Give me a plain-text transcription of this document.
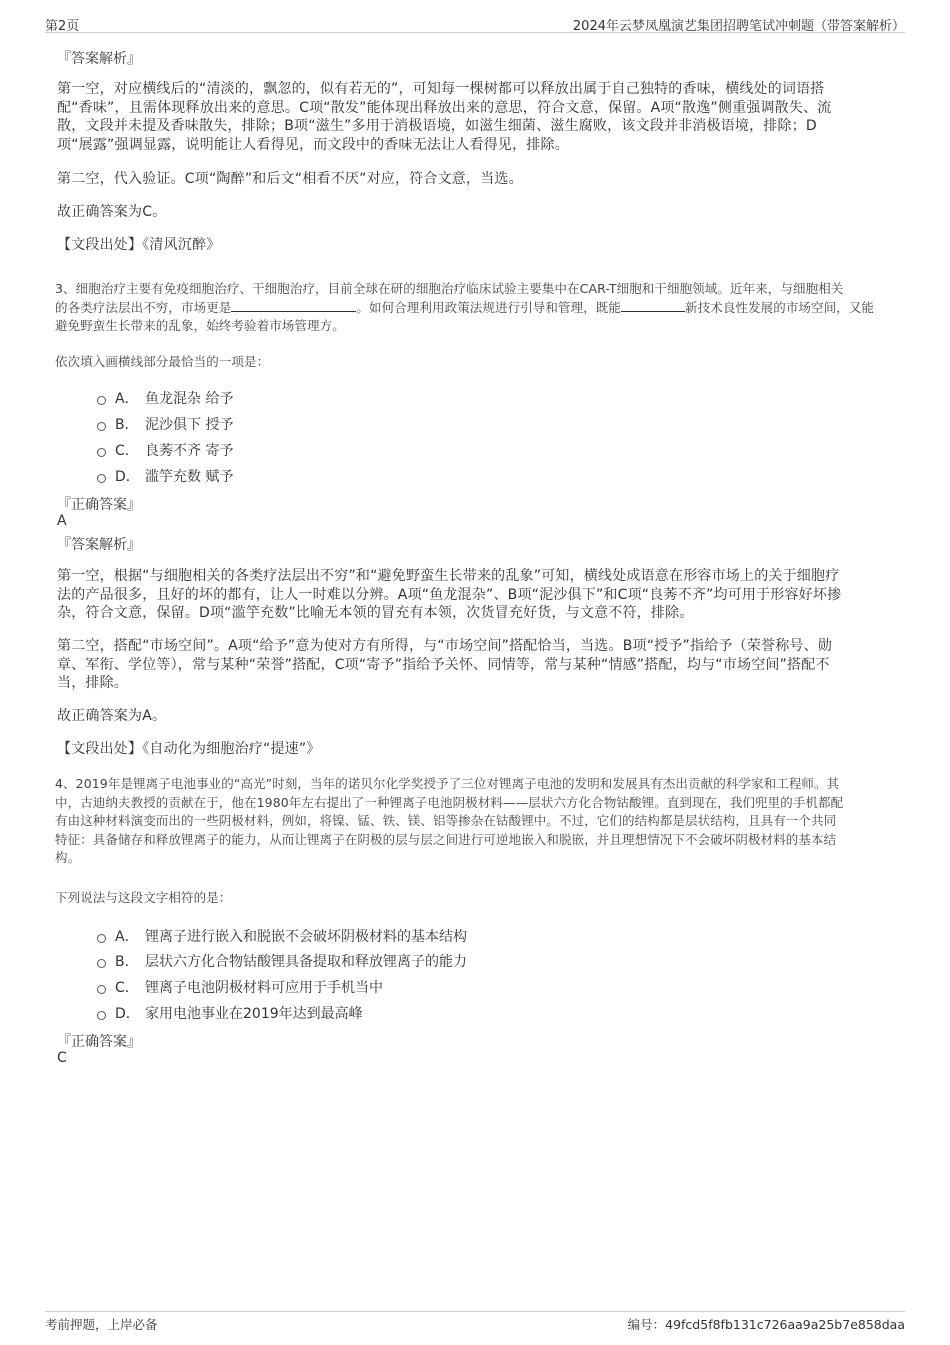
第2页	2024年云梦凤凰演艺集团招聘笔试冲刺题（带答案解析）
『答案解析』
第一空，对应横线后的“清淡的，飘忽的，似有若无的”，可知每一棵树都可以释放出属于自己独特的香味，横线处的词语搭
配“香味”，且需体现释放出来的意思。C项“散发”能体现出释放出来的意思，符合文意，保留。A项“散逸”侧重强调散失、流
散，文段并未提及香味散失，排除；B项“滋生”多用于消极语境，如滋生细菌、滋生腐败，该文段并非消极语境，排除；D
项“展露”强调显露，说明能让人看得见，而文段中的香味无法让人看得见，排除。
第二空，代入验证。C项“陶醉”和后文“相看不厌”对应，符合文意，当选。
故正确答案为C。
【文段出处】《清风沉醉》
3、细胞治疗主要有免疫细胞治疗、干细胞治疗，目前全球在研的细胞治疗临床试验主要集中在CAR-T细胞和干细胞领域。近年来，与细胞相关
的各类疗法层出不穷，市场更是	。如何合理利用政策法规进行引导和管理，既能	新技术良性发展的市场空间，又能
避免野蛮生长带来的乱象，始终考验着市场管理方。
依次填入画横线部分最恰当的一项是：
A． 鱼龙混杂 给予
B． 泥沙俱下 授予
C． 良莠不齐 寄予
D． 滥竽充数 赋予
『正确答案』
A
『答案解析』
第一空，根据“与细胞相关的各类疗法层出不穷”和“避免野蛮生长带来的乱象”可知，横线处成语意在形容市场上的关于细胞疗
法的产品很多，且好的坏的都有，让人一时难以分辨。A项“鱼龙混杂”、B项“泥沙俱下”和C项“良莠不齐”均可用于形容好坏掺
杂，符合文意，保留。D项“滥竽充数”比喻无本领的冒充有本领，次货冒充好货，与文意不符，排除。
第二空，搭配“市场空间”。A项“给予”意为使对方有所得，与“市场空间”搭配恰当，当选。B项“授予”指给予（荣誉称号、勋
章、军衔、学位等），常与某种“荣誉”搭配，C项“寄予”指给予关怀、同情等，常与某种“情感”搭配，均与“市场空间”搭配不
当，排除。
故正确答案为A。
【文段出处】《自动化为细胞治疗“提速”》
4、2019年是锂离子电池事业的“高光”时刻，当年的诺贝尔化学奖授予了三位对锂离子电池的发明和发展具有杰出贡献的科学家和工程师。其
中，古迪纳夫教授的贡献在于，他在1980年左右提出了一种锂离子电池阴极材料——层状六方化合物钴酸锂。直到现在，我们兜里的手机都配
有由这种材料演变而出的一些阴极材料，例如，将镍、锰、铁、镁、铝等掺杂在钴酸锂中。不过，它们的结构都是层状结构，且具有一个共同
特征：具备储存和释放锂离子的能力，从而让锂离子在阴极的层与层之间进行可逆地嵌入和脱嵌，并且理想情况下不会破坏阴极材料的基本结
构。
下列说法与这段文字相符的是：
A． 锂离子进行嵌入和脱嵌不会破坏阴极材料的基本结构
B． 层状六方化合物钴酸锂具备提取和释放锂离子的能力
C． 锂离子电池阴极材料可应用于手机当中
D． 家用电池事业在2019年达到最高峰
『正确答案』
C
考前押题，上岸必备	编号：49fcd5f8fb131c726aa9a25b7e858daa
